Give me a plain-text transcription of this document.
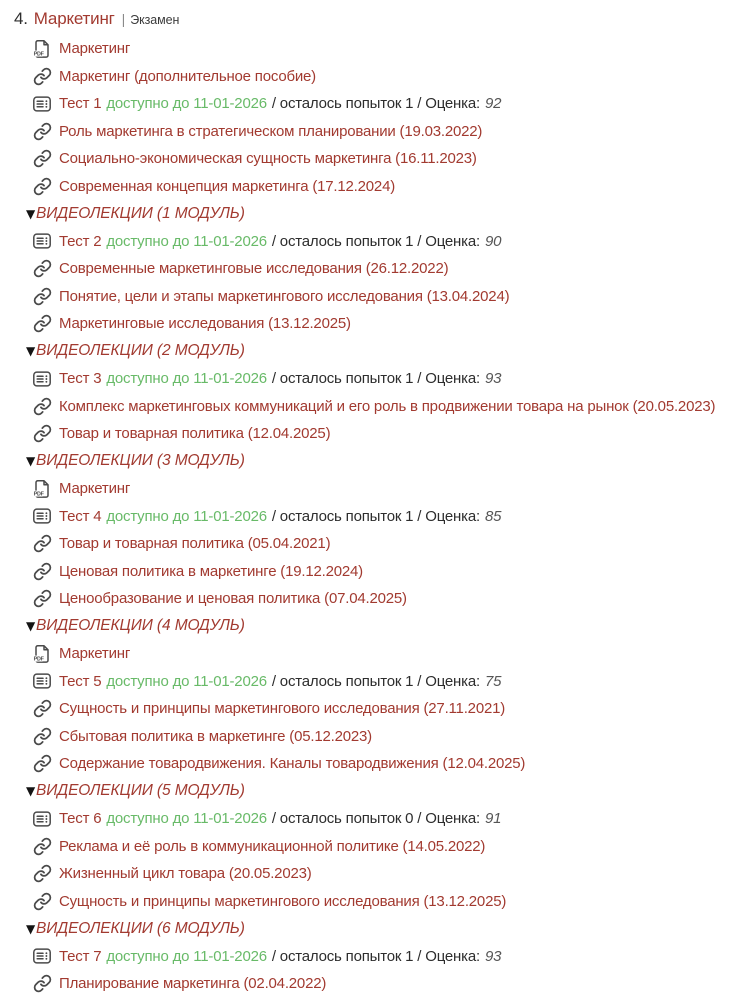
4. Маркетинг | Экзамен
PDF Маркетинг
Маркетинг (дополнительное пособие)
Тест 1 доступно до 11-01-2026 / осталось попыток 1 / Оценка: 92
Роль маркетинга в стратегическом планировании (19.03.2022)
Социально-экономическая сущность маркетинга (16.11.2023)
Современная концепция маркетинга (17.12.2024)
▼ ВИДЕОЛЕКЦИИ (1 МОДУЛЬ)
Тест 2 доступно до 11-01-2026 / осталось попыток 1 / Оценка: 90
Современные маркетинговые исследования (26.12.2022)
Понятие, цели и этапы маркетингового исследования (13.04.2024)
Маркетинговые исследования (13.12.2025)
▼ ВИДЕОЛЕКЦИИ (2 МОДУЛЬ)
Тест 3 доступно до 11-01-2026 / осталось попыток 1 / Оценка: 93
Комплекс маркетинговых коммуникаций и его роль в продвижении товара на рынок (20.05.2023)
Товар и товарная политика (12.04.2025)
▼ ВИДЕОЛЕКЦИИ (3 МОДУЛЬ)
PDF Маркетинг
Тест 4 доступно до 11-01-2026 / осталось попыток 1 / Оценка: 85
Товар и товарная политика (05.04.2021)
Ценовая политика в маркетинге (19.12.2024)
Ценообразование и ценовая политика (07.04.2025)
▼ ВИДЕОЛЕКЦИИ (4 МОДУЛЬ)
PDF Маркетинг
Тест 5 доступно до 11-01-2026 / осталось попыток 1 / Оценка: 75
Сущность и принципы маркетингового исследования (27.11.2021)
Сбытовая политика в маркетинге (05.12.2023)
Содержание товародвижения. Каналы товародвижения (12.04.2025)
▼ ВИДЕОЛЕКЦИИ (5 МОДУЛЬ)
Тест 6 доступно до 11-01-2026 / осталось попыток 0 / Оценка: 91
Реклама и её роль в коммуникационной политике (14.05.2022)
Жизненный цикл товара (20.05.2023)
Сущность и принципы маркетингового исследования (13.12.2025)
▼ ВИДЕОЛЕКЦИИ (6 МОДУЛЬ)
Тест 7 доступно до 11-01-2026 / осталось попыток 1 / Оценка: 93
Планирование маркетинга (02.04.2022)
